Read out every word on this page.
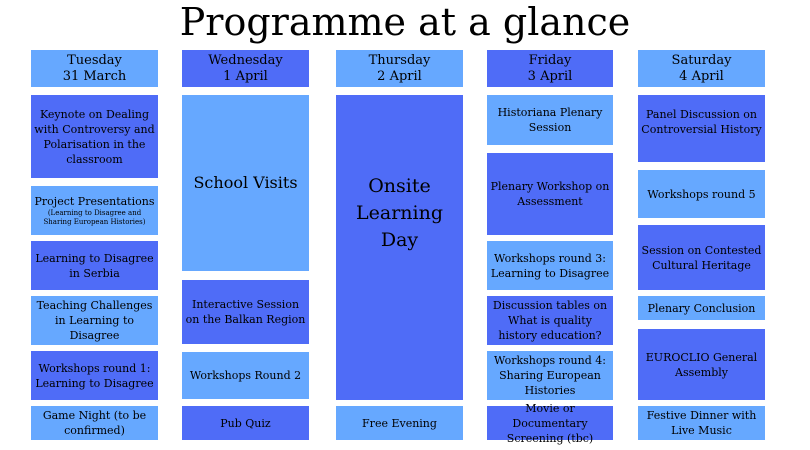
Programme at a glance
Tuesday
31 March
Wednesday
1 April
Thursday
2 April
Friday
3 April
Saturday
4 April
Keynote on Dealing with Controversy and Polarisation in the classroom
Project Presentations
(Learning to Disagree and Sharing European Histories)
Learning to Disagree in Serbia
Teaching Challenges in Learning to Disagree
Workshops round 1: Learning to Disagree
Game Night (to be confirmed)
School Visits
Interactive Session on the Balkan Region
Workshops Round 2
Pub Quiz
Onsite Learning Day
Free Evening
Historiana Plenary Session
Plenary Workshop on Assessment
Workshops round 3: Learning to Disagree
Discussion tables on What is quality history education?
Workshops round 4: Sharing European Histories
Movie or Documentary Screening (tbc)
Panel Discussion on Controversial History
Workshops round 5
Session on Contested Cultural Heritage
Plenary Conclusion
EUROCLIO General Assembly
Festive Dinner with Live Music
